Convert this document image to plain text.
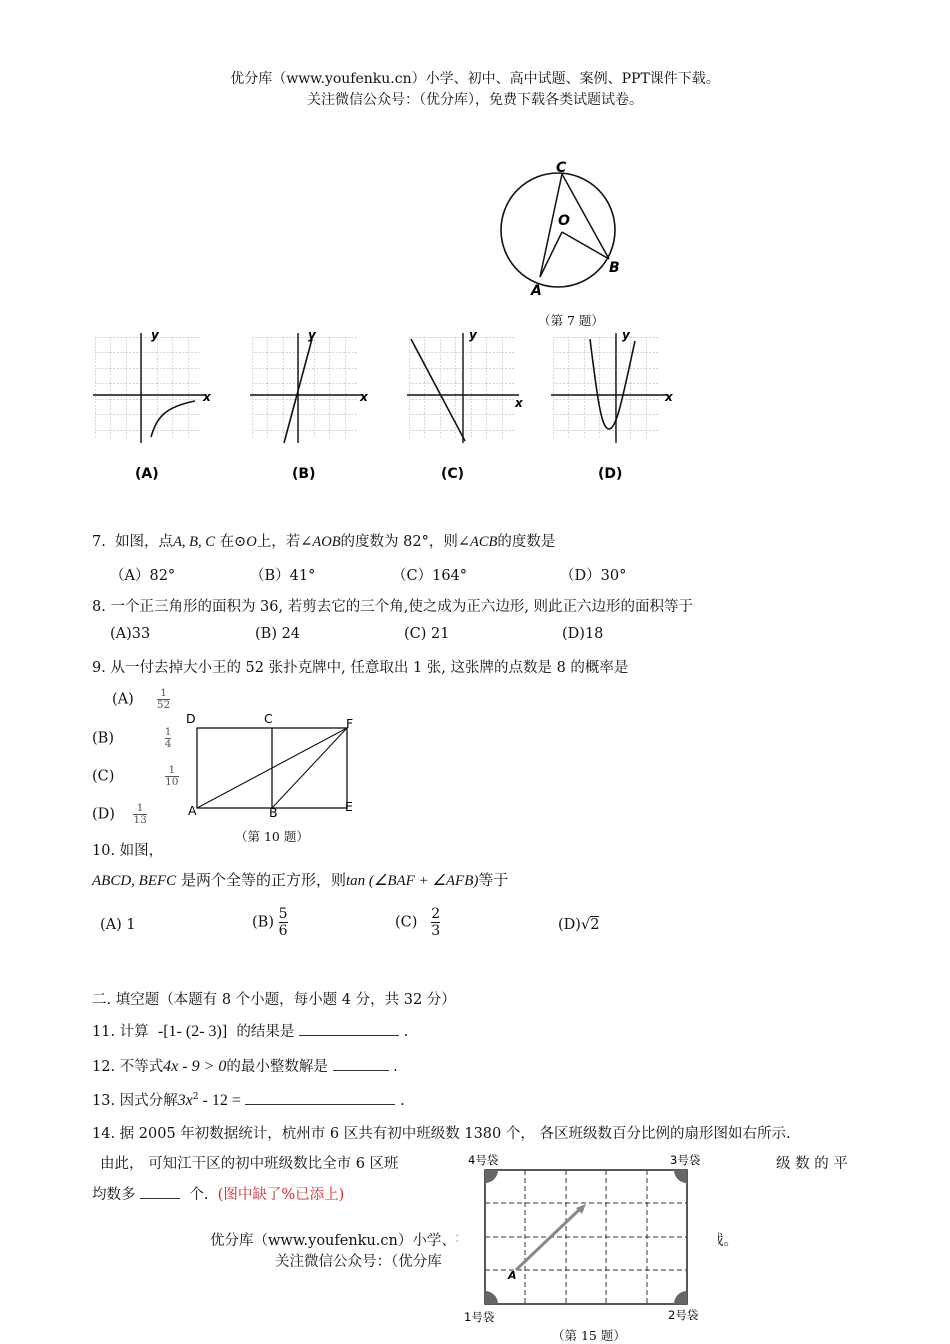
优分库（www.youfenku.cn）小学、初中、高中试题、案例、PPT课件下载。
关注微信公众号：（优分库），免费下载各类试题试卷。
C
O
A
B
（第 7 题）
x
y
(A)
x
y
(B)
x
y
(C)
x
y
(D)
7. 如图，点A, B, C 在⊙O上，若∠AOB的度数为 82°，则∠ACB的度数是
（A）82°	（B）41°	（C）164°	（D）30°
8. 一个正三角形的面积为 36, 若剪去它的三个角,使之成为正六边形, 则此正六边形的面积等于
(A)33	(B) 24	(C) 21	(D)18
9. 从一付去掉大小王的 52 张扑克牌中, 任意取出 1 张, 这张牌的点数是 8 的概率是
$(A) \frac{1}{52}$
(B)	$\frac{1}{4}$
(C)	$\frac{1}{10}$
$(D) \frac{1}{13}$
D	C	F
A	B	E
（第 10 题）
10. 如图，
ABCD, BEFC 是两个全等的正方形，则tan (∠BAF + ∠AFB)等于
(A) 1	$(B) \frac{5}{6}$	$(C) \frac{2}{3}$	(D)√2
二. 填空题（本题有 8 个小题，每小题 4 分，共 32 分）
11. 计算 -[1- (2- 3)] 的结果是	.
12. 不等式4x - 9 > 0的最小整数解是	.
13. 因式分解$3x^2 - 12$ =	.
14. 据 2005 年初数据统计，杭州市 6 区共有初中班级数 1380 个， 各区班级数百分比例的扇形图如右所示.
由此， 可知江干区的初中班级数比全市 6 区班	级 数 的 平
均数多	个. (图中缺了%已添上)
优分库（www.youfenku.cn）小学、初	载。
关注微信公众号：（优分库
A
4号袋	3号袋
1号袋	2号袋
（第 15 题）
